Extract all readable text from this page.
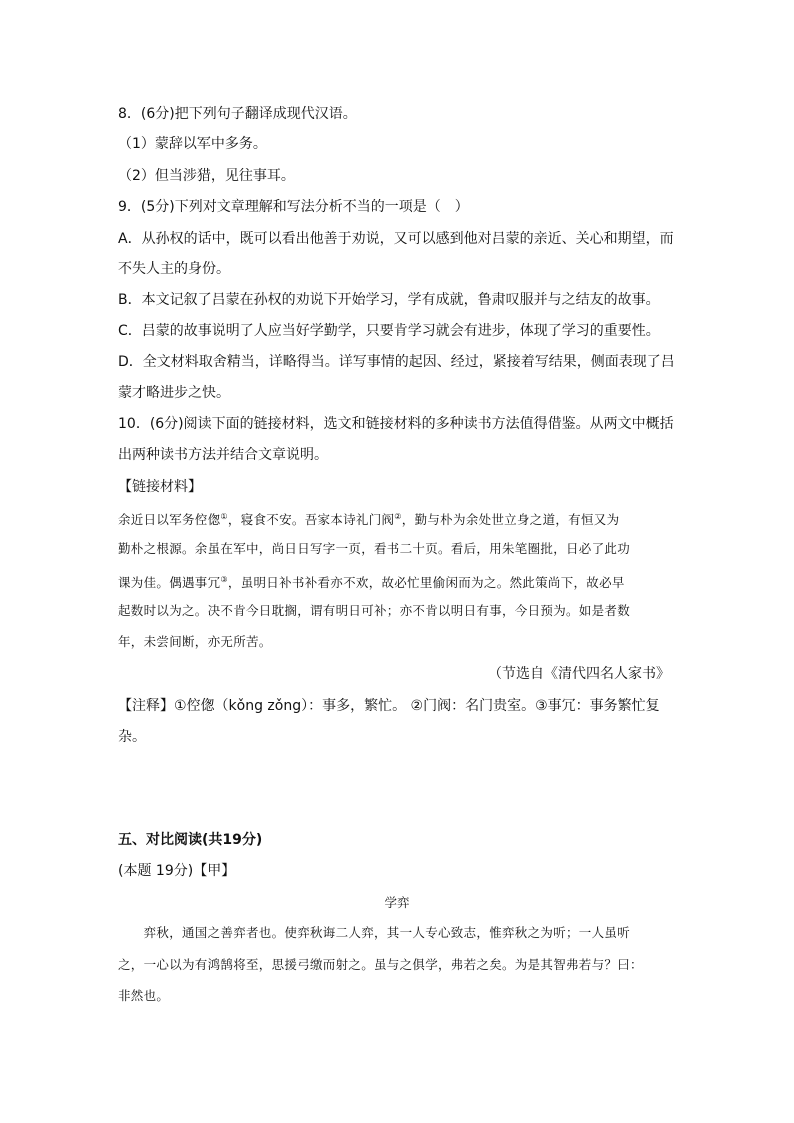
8．(6分)把下列句子翻译成现代汉语。
（1）蒙辞以军中多务。
（2）但当涉猎，见往事耳。
9．(5分)下列对文章理解和写法分析不当的一项是（　）
A．从孙权的话中，既可以看出他善于劝说，又可以感到他对吕蒙的亲近、关心和期望，而
不失人主的身份。
B．本文记叙了吕蒙在孙权的劝说下开始学习，学有成就，鲁肃叹服并与之结友的故事。
C．吕蒙的故事说明了人应当好学勤学，只要肯学习就会有进步，体现了学习的重要性。
D．全文材料取舍精当，详略得当。详写事情的起因、经过，紧接着写结果，侧面表现了吕
蒙才略进步之快。
10．(6分)阅读下面的链接材料，选文和链接材料的多种读书方法值得借鉴。从两文中概括
出两种读书方法并结合文章说明。
【链接材料】
余近日以军务倥偬①，寝食不安。吾家本诗礼门阀②，勤与朴为余处世立身之道，有恒又为
勤朴之根源。余虽在军中，尚日日写字一页，看书二十页。看后，用朱笔圈批，日必了此功
课为佳。偶遇事冗③，虽明日补书补看亦不欢，故必忙里偷闲而为之。然此策尚下，故必早
起数时以为之。决不肯今日耽搁，谓有明日可补；亦不肯以明日有事，今日预为。如是者数
年，未尝间断，亦无所苦。
（节选自《清代四名人家书》
【注释】①倥偬（kǒng zǒng）：事多，繁忙。 ②门阀：名门贵室。③事冗：事务繁忙复
杂。
五、对比阅读(共19分)
(本题 19分)【甲】
学弈
　　弈秋，通国之善弈者也。使弈秋诲二人弈，其一人专心致志，惟弈秋之为听；一人虽听
之，一心以为有鸿鹄将至，思援弓缴而射之。虽与之俱学，弗若之矣。为是其智弗若与？曰：
非然也。
